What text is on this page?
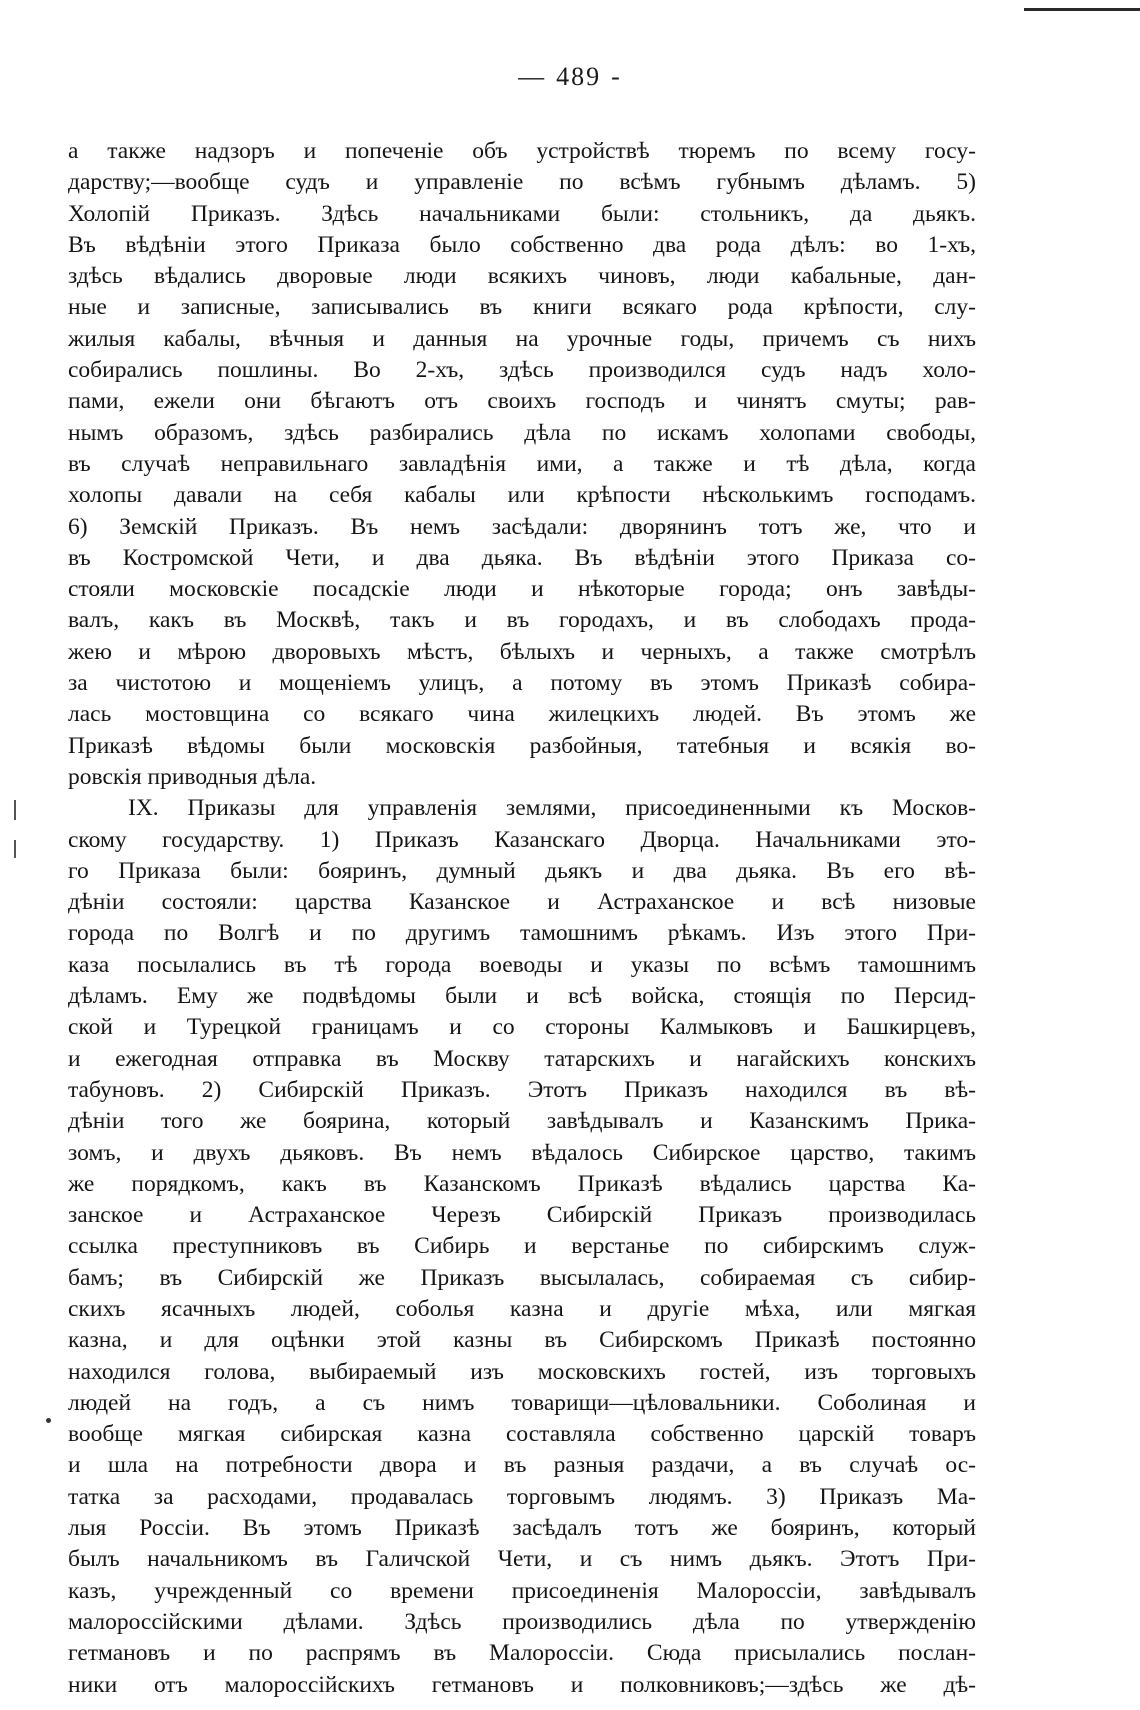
— 489 -
а также надзоръ и попеченіе объ устройствѣ тюремъ по всему госу-
дарству;—вообще судъ и управленіе по всѣмъ губнымъ дѣламъ. 5)
Холопій Приказъ. Здѣсь начальниками были: стольникъ, да дьякъ.
Въ вѣдѣніи этого Приказа было собственно два рода дѣлъ: во 1-хъ,
здѣсь вѣдались дворовые люди всякихъ чиновъ, люди кабальные, дан-
ные и записные, записывались въ книги всякаго рода крѣпости, слу-
жилыя кабалы, вѣчныя и данныя на урочные годы, причемъ съ нихъ
собирались пошлины. Во 2-хъ, здѣсь производился судъ надъ холо-
пами, ежели они бѣгаютъ отъ своихъ господъ и чинятъ смуты; рав-
нымъ образомъ, здѣсь разбирались дѣла по искамъ холопами свободы,
въ случаѣ неправильнаго завладѣнія ими, а также и тѣ дѣла, когда
холопы давали на себя кабалы или крѣпости нѣсколькимъ господамъ.
6) Земскій Приказъ. Въ немъ засѣдали: дворянинъ тотъ же, что и
въ Костромской Чети, и два дьяка. Въ вѣдѣніи этого Приказа со-
стояли московскіе посадскіе люди и нѣкоторые города; онъ завѣды-
валъ, какъ въ Москвѣ, такъ и въ городахъ, и въ слободахъ прода-
жею и мѣрою дворовыхъ мѣстъ, бѣлыхъ и черныхъ, а также смотрѣлъ
за чистотою и мощеніемъ улицъ, а потому въ этомъ Приказѣ собира-
лась мостовщина со всякаго чина жилецкихъ людей. Въ этомъ же
Приказѣ вѣдомы были московскія разбойныя, татебныя и всякія во-
ровскія приводныя дѣла.
IX. Приказы для управленія землями, присоединенными къ Москов-
скому государству. 1) Приказъ Казанскаго Дворца. Начальниками это-
го Приказа были: бояринъ, думный дьякъ и два дьяка. Въ его вѣ-
дѣніи состояли: царства Казанское и Астраханское и всѣ низовые
города по Волгѣ и по другимъ тамошнимъ рѣкамъ. Изъ этого При-
каза посылались въ тѣ города воеводы и указы по всѣмъ тамошнимъ
дѣламъ. Ему же подвѣдомы были и всѣ войска, стоящія по Персид-
ской и Турецкой границамъ и со стороны Калмыковъ и Башкирцевъ,
и ежегодная отправка въ Москву татарскихъ и нагайскихъ конскихъ
табуновъ. 2) Сибирскій Приказъ. Этотъ Приказъ находился въ вѣ-
дѣніи того же боярина, который завѣдывалъ и Казанскимъ Прика-
зомъ, и двухъ дьяковъ. Въ немъ вѣдалось Сибирское царство, такимъ
же порядкомъ, какъ въ Казанскомъ Приказѣ вѣдались царства Ка-
занское и Астраханское Черезъ Сибирскій Приказъ производилась
ссылка преступниковъ въ Сибирь и верстанье по сибирскимъ служ-
бамъ; въ Сибирскій же Приказъ высылалась, собираемая съ сибир-
скихъ ясачныхъ людей, соболья казна и другіе мѣха, или мягкая
казна, и для оцѣнки этой казны въ Сибирскомъ Приказѣ постоянно
находился голова, выбираемый изъ московскихъ гостей, изъ торговыхъ
людей на годъ, а съ нимъ товарищи—цѣловальники. Соболиная и
вообще мягкая сибирская казна составляла собственно царскій товаръ
и шла на потребности двора и въ разныя раздачи, а въ случаѣ ос-
татка за расходами, продавалась торговымъ людямъ. 3) Приказъ Ма-
лыя Россіи. Въ этомъ Приказѣ засѣдалъ тотъ же бояринъ, который
былъ начальникомъ въ Галичской Чети, и съ нимъ дьякъ. Этотъ При-
казъ, учрежденный со времени присоединенія Малороссіи, завѣдывалъ
малороссійскими дѣлами. Здѣсь производились дѣла по утвержденію
гетмановъ и по распрямъ въ Малороссіи. Сюда присылались послан-
ники отъ малороссійскихъ гетмановъ и полковниковъ;—здѣсь же дѣ-
